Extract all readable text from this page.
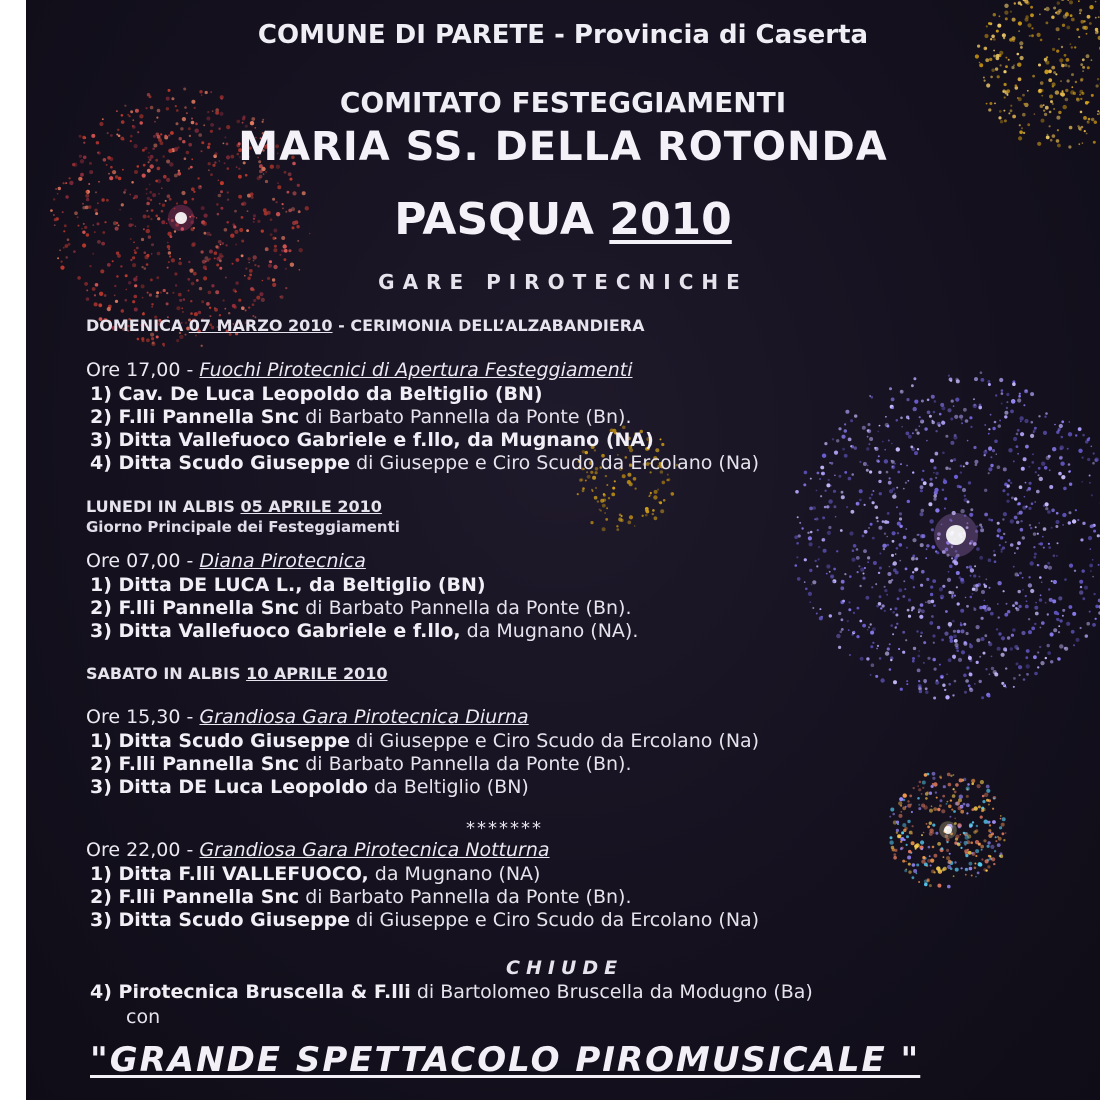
COMUNE DI PARETE - Provincia di Caserta
COMITATO FESTEGGIAMENTI
MARIA SS. DELLA ROTONDA
PASQUA 2010
GARE PIROTECNICHE
DOMENICA 07 MARZO 2010 - CERIMONIA DELL’ALZABANDIERA
Ore 17,00 - Fuochi Pirotecnici di Apertura Festeggiamenti
1) Cav. De Luca Leopoldo da Beltiglio (BN)
2) F.lli Pannella Snc di Barbato Pannella da Ponte (Bn).
3) Ditta Vallefuoco Gabriele e f.llo, da Mugnano (NA)
4) Ditta Scudo Giuseppe di Giuseppe e Ciro Scudo da Ercolano (Na)
LUNEDI IN ALBIS 05 APRILE 2010
Giorno Principale dei Festeggiamenti
Ore 07,00 - Diana Pirotecnica
1) Ditta DE LUCA L., da Beltiglio (BN)
2) F.lli Pannella Snc di Barbato Pannella da Ponte (Bn).
3) Ditta Vallefuoco Gabriele e f.llo, da Mugnano (NA).
SABATO IN ALBIS 10 APRILE 2010
Ore 15,30 - Grandiosa Gara Pirotecnica Diurna
1) Ditta Scudo Giuseppe di Giuseppe e Ciro Scudo da Ercolano (Na)
2) F.lli Pannella Snc di Barbato Pannella da Ponte (Bn).
3) Ditta DE Luca Leopoldo da Beltiglio (BN)
*******
Ore 22,00 - Grandiosa Gara Pirotecnica Notturna
1) Ditta F.lli VALLEFUOCO, da Mugnano (NA)
2) F.lli Pannella Snc di Barbato Pannella da Ponte (Bn).
3) Ditta Scudo Giuseppe di Giuseppe e Ciro Scudo da Ercolano (Na)
CHIUDE
4) Pirotecnica Bruscella & F.lli di Bartolomeo Bruscella da Modugno (Ba)
con
"GRANDE SPETTACOLO PIROMUSICALE "
